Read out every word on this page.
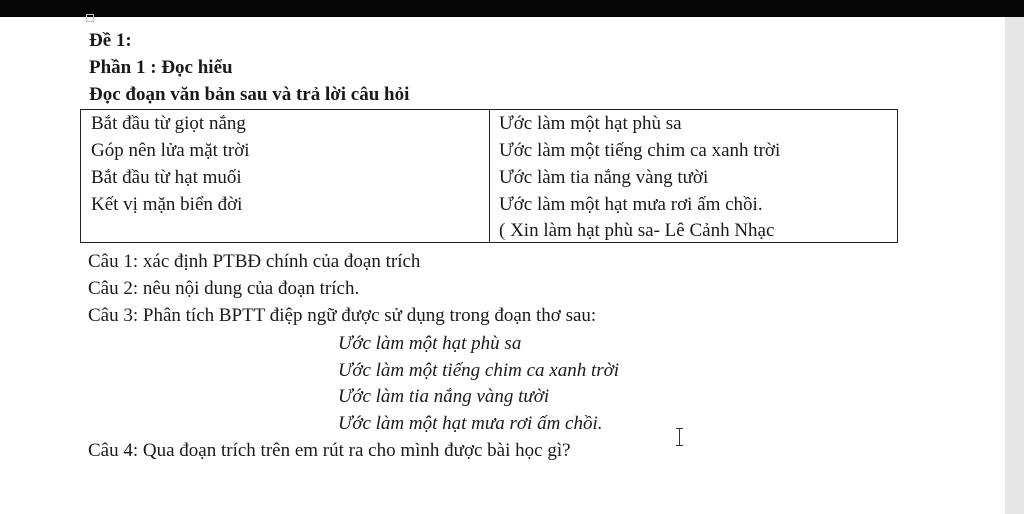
Đề 1:
Phần 1 : Đọc hiểu
Đọc đoạn văn bản sau và trả lời câu hỏi
Bắt đầu từ giọt nắng
Góp nên lửa mặt trời
Bắt đầu từ hạt muối
Kết vị mặn biển đời
Ước làm một hạt phù sa
Ước làm một tiếng chim ca xanh trời
Ước làm tia nắng vàng tười
Ước làm một hạt mưa rơi ấm chồi.
( Xin làm hạt phù sa- Lê Cảnh Nhạc
Câu 1: xác định PTBĐ chính của đoạn trích
Câu 2: nêu nội dung của đoạn trích.
Câu 3: Phân tích BPTT điệp ngữ được sử dụng trong đoạn thơ sau:
Ước làm một hạt phù sa
Ước làm một tiếng chim ca xanh trời
Ước làm tia nắng vàng tười
Ước làm một hạt mưa rơi ấm chồi.
Câu 4: Qua đoạn trích trên em rút ra cho mình được bài học gì?
